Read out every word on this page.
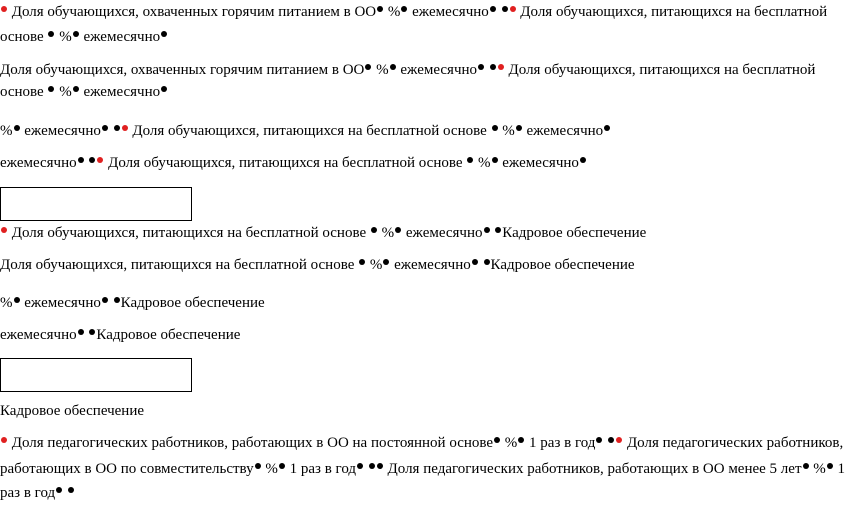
Доля обучающихся, охваченных горячим питанием в ОО % ежемесячно Доля обучающихся, питающихся на бесплатной
основе % ежемесячно
Доля обучающихся, охваченных горячим питанием в ОО % ежемесячно Доля обучающихся, питающихся на бесплатной
основе % ежемесячно
% ежемесячно Доля обучающихся, питающихся на бесплатной основе % ежемесячно
ежемесячно Доля обучающихся, питающихся на бесплатной основе % ежемесячно
Доля обучающихся, питающихся на бесплатной основе % ежемесячно Кадровое обеспечение
Доля обучающихся, питающихся на бесплатной основе % ежемесячно Кадровое обеспечение
% ежемесячно Кадровое обеспечение
ежемесячно Кадровое обеспечение
Кадровое обеспечение
Доля педагогических работников, работающих в ОО на постоянной основе % 1 раз в год Доля педагогических работников,
работающих в ОО по совместительству % 1 раз в год Доля педагогических работников, работающих в ОО менее 5 лет % 1
раз в год
